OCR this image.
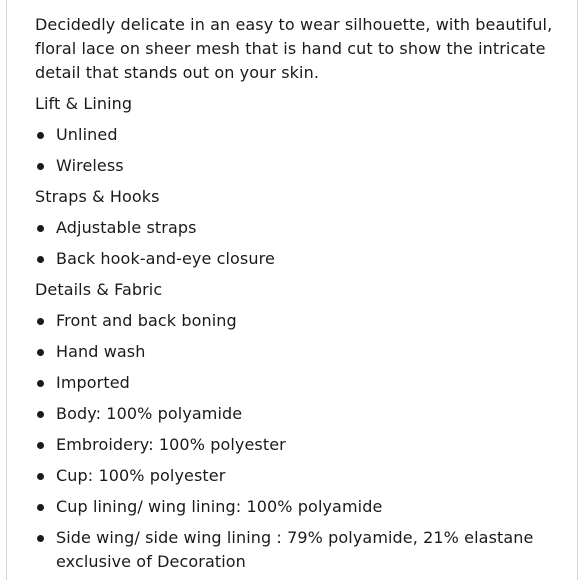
Decidedly delicate in an easy to wear silhouette, with beautiful, floral lace on sheer mesh that is hand cut to show the intricate detail that stands out on your skin.

Lift & Lining
Unlined
Wireless
Straps & Hooks
Adjustable straps
Back hook-and-eye closure
Details & Fabric
Front and back boning
Hand wash
Imported
Body: 100% polyamide
Embroidery: 100% polyester
Cup: 100% polyester
Cup lining/ wing lining: 100% polyamide
Side wing/ side wing lining : 79% polyamide, 21% elastane exclusive of Decoration
